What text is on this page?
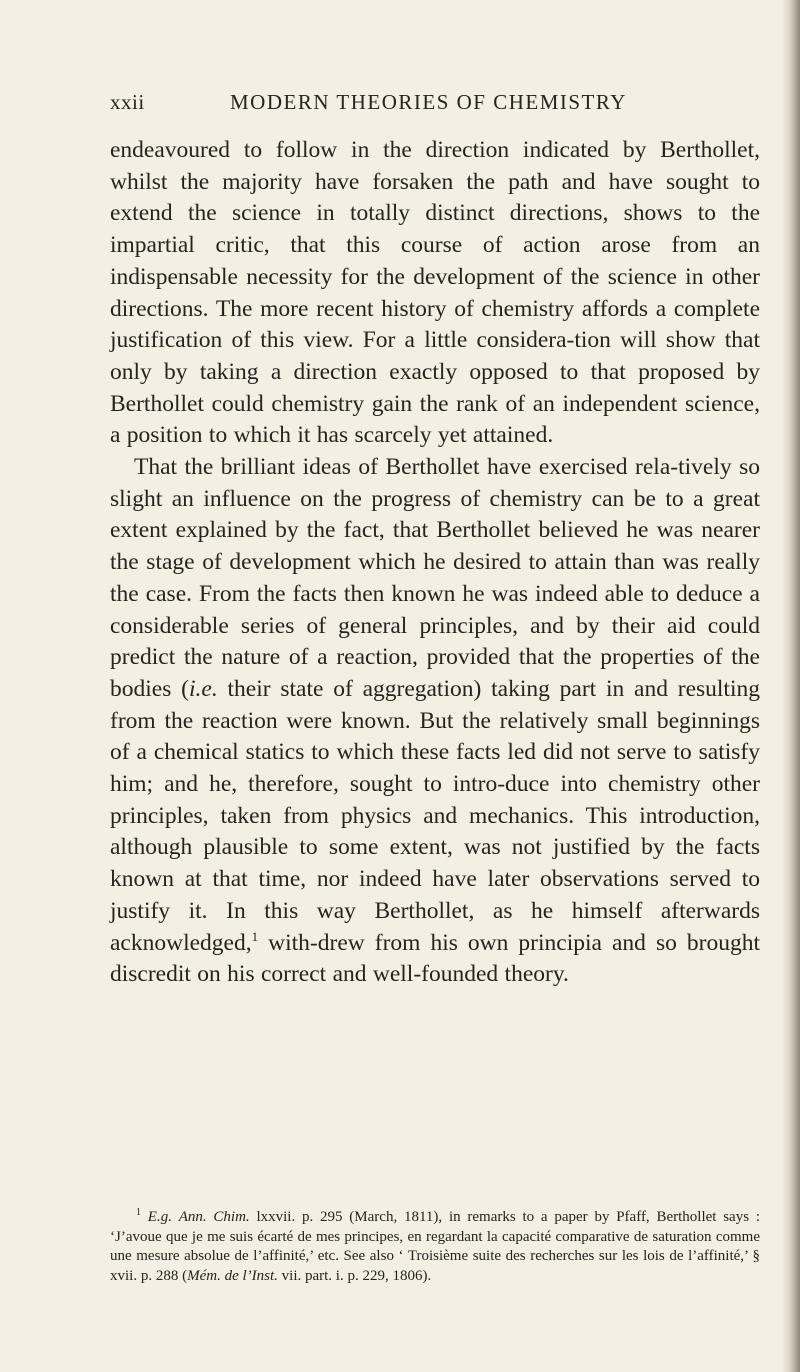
xxii	MODERN THEORIES OF CHEMISTRY

endeavoured to follow in the direction indicated by Berthollet, whilst the majority have forsaken the path and have sought to extend the science in totally distinct directions, shows to the impartial critic, that this course of action arose from an indispensable necessity for the development of the science in other directions. The more recent history of chemistry affords a complete justification of this view. For a little considera-tion will show that only by taking a direction exactly opposed to that proposed by Berthollet could chemistry gain the rank of an independent science, a position to which it has scarcely yet attained.

That the brilliant ideas of Berthollet have exercised rela-tively so slight an influence on the progress of chemistry can be to a great extent explained by the fact, that Berthollet believed he was nearer the stage of development which he desired to attain than was really the case. From the facts then known he was indeed able to deduce a considerable series of general principles, and by their aid could predict the nature of a reaction, provided that the properties of the bodies (i.e. their state of aggregation) taking part in and resulting from the reaction were known. But the relatively small beginnings of a chemical statics to which these facts led did not serve to satisfy him; and he, therefore, sought to intro-duce into chemistry other principles, taken from physics and mechanics. This introduction, although plausible to some extent, was not justified by the facts known at that time, nor indeed have later observations served to justify it. In this way Berthollet, as he himself afterwards acknowledged,$^1$ with-drew from his own principia and so brought discredit on his correct and well-founded theory.

$^1$ E.g. Ann. Chim. lxxvii. p. 295 (March, 1811), in remarks to a paper by Pfaff, Berthollet says : ‘J’avoue que je me suis écarté de mes principes, en regardant la capacité comparative de saturation comme une mesure absolue de l’affinité,’ etc. See also ‘ Troisième suite des recherches sur les lois de l’affinité,’ § xvii. p. 288 (Mém. de l’Inst. vii. part. i. p. 229, 1806).
